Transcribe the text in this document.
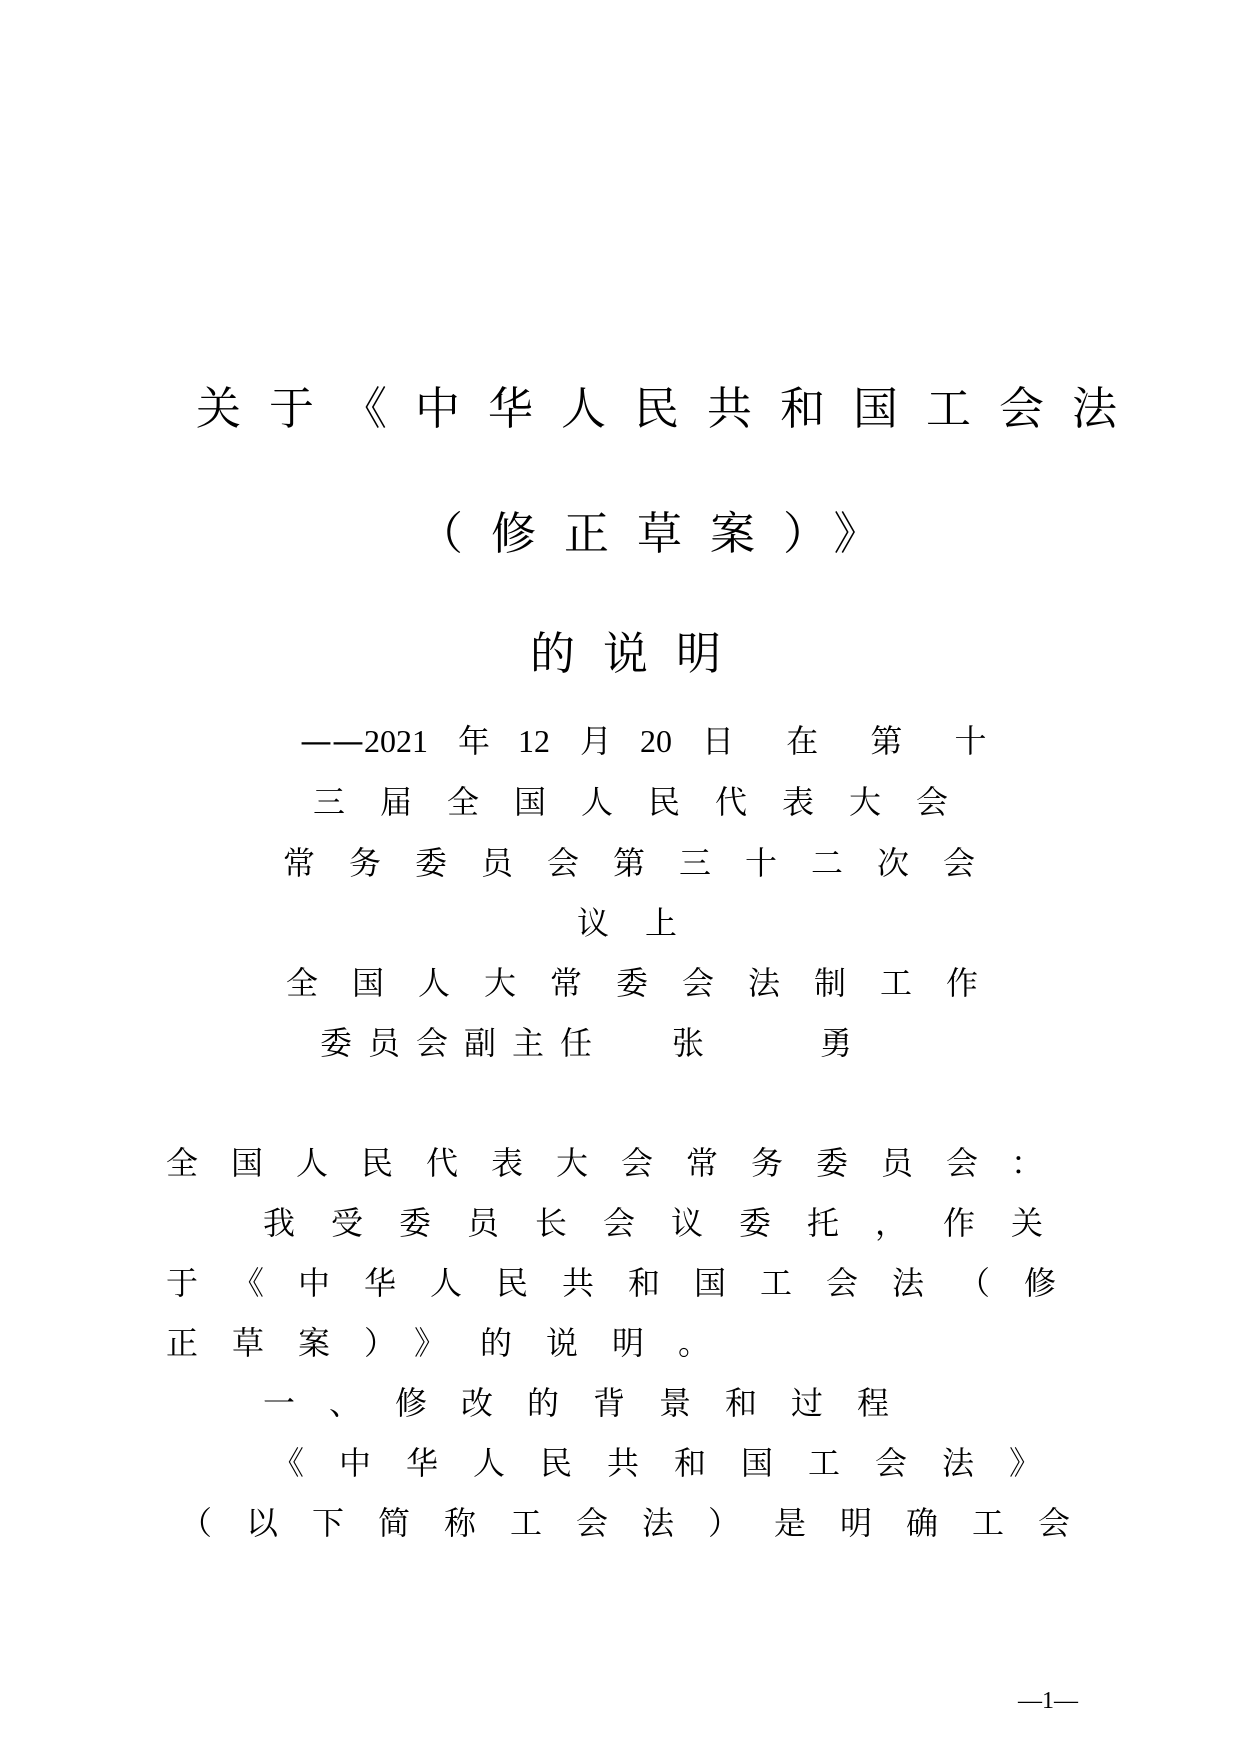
关于《中华人民共和国工会法
（修正草案）》
的说明
——2021 年12 月20 日 在 第 十
三届全国人民代表大会
常务委员会第三十二次会
议上
全国人大常委会法制工作
委员会副主任 张	勇
全国人民代表大会常务委员会：
我受委员长会议委托，作关
于《中华人民共和国工会法（修
正草案）》的说明。
一、修改的背景和过程
《中华人民共和国工会法》
（以下简称工会法）是明确工会
—1—
